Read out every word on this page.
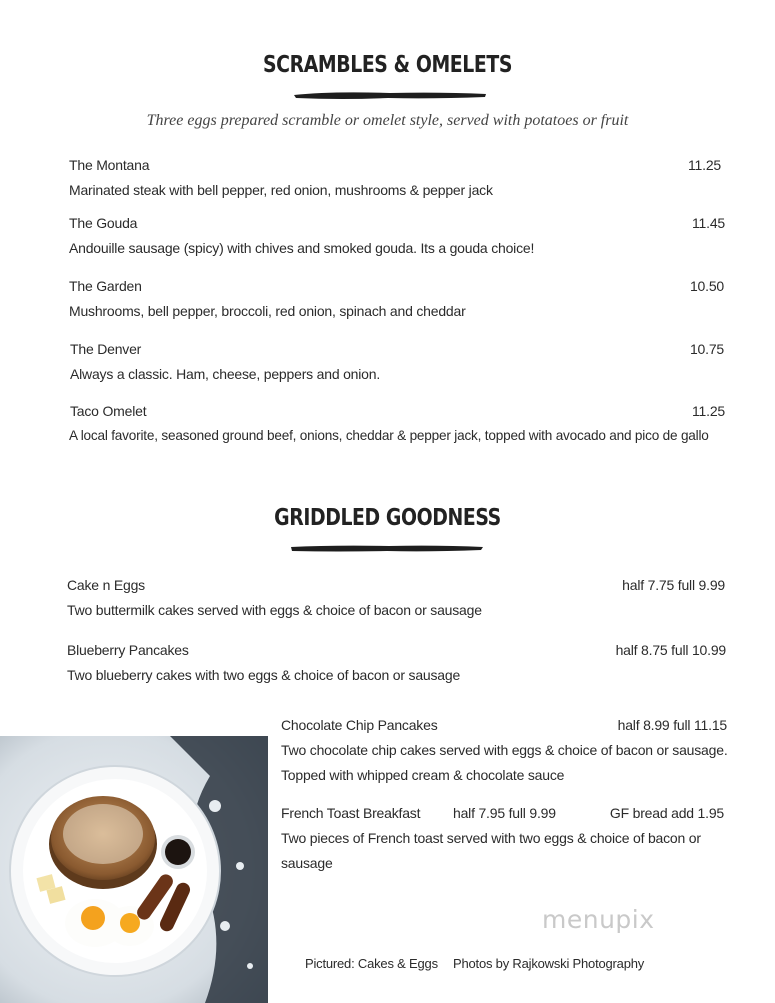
SCRAMBLES & OMELETS
Three eggs prepared scramble or omelet style, served with potatoes or fruit
The Montana	11.25
Marinated steak with bell pepper, red onion, mushrooms & pepper jack
The Gouda	11.45
Andouille sausage (spicy) with chives and smoked gouda. Its a gouda choice!
The Garden	10.50
Mushrooms, bell pepper, broccoli, red onion, spinach and cheddar
The Denver	10.75
Always a classic. Ham, cheese, peppers and onion.
Taco Omelet	11.25
A local favorite, seasoned ground beef, onions, cheddar & pepper jack, topped with avocado and pico de gallo
GRIDDLED GOODNESS
Cake n Eggs	half 7.75 full 9.99
Two buttermilk cakes served with eggs & choice of bacon or sausage
Blueberry Pancakes	half 8.75 full 10.99
Two blueberry cakes with two eggs & choice of bacon or sausage
Chocolate Chip Pancakes	half 8.99 full 11.15
Two chocolate chip cakes served with eggs & choice of bacon or sausage.
Topped with whipped cream & chocolate sauce
French Toast Breakfast half 7.95 full 9.99	GF bread add 1.95
Two pieces of French toast served with two eggs & choice of bacon or
sausage
Pictured: Cakes & Eggs Photos by Rajkowski Photography
menupix
